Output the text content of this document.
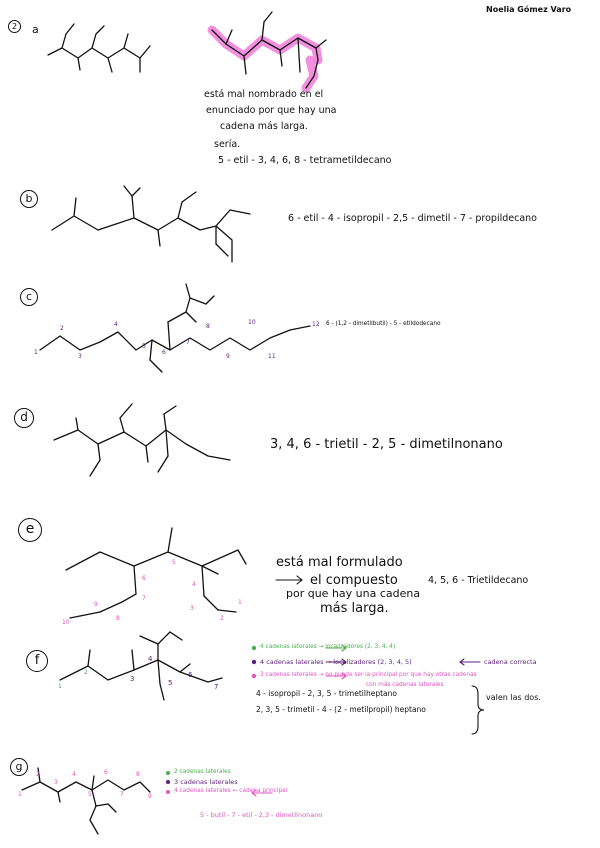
Noelia Gómez Varo
2	a
está mal nombrado en el
enunciado por que hay una
cadena más larga.
sería.
5 - etil - 3, 4, 6, 8 - tetrametildecano
b
6 - etil - 4 - isopropil - 2,5 - dimetil - 7 - propildecano
c
6 - (1,2 - dimetilbutil) - 5 - etildodecano
1
2
3
4
5
6
7
8
9
10
11
12
d
3, 4, 6 - trietil - 2, 5 - dimetilnonano
e
está mal formulado
el compuesto
por que hay una cadena
más larga.
4, 5, 6 - Trietildecano
1
2
3
4
5
6
7
8
9
10
f
4 cadenas laterales → localizadores (2, 3, 4, 4)
4 cadenas laterales → localizadores (2, 3, 4, 5)	cadena correcta
3 cadenas laterales → no puede ser la principal por que hay otras cadenas
con más cadenas laterales
4 - isopropil - 2, 3, 5 - trimetilheptano
2, 3, 5 - trimetil - 4 - (2 - metilpropil) heptano
valen las dos.
1
2
3
4
5
6
7
g	2 cadenas laterales
3 cadenas laterales
4 cadenas laterales ← cadena principal
5 - butil - 7 - etil - 2,3 - dimetilnonano
1
2
3
4
5
6
7
8
9
